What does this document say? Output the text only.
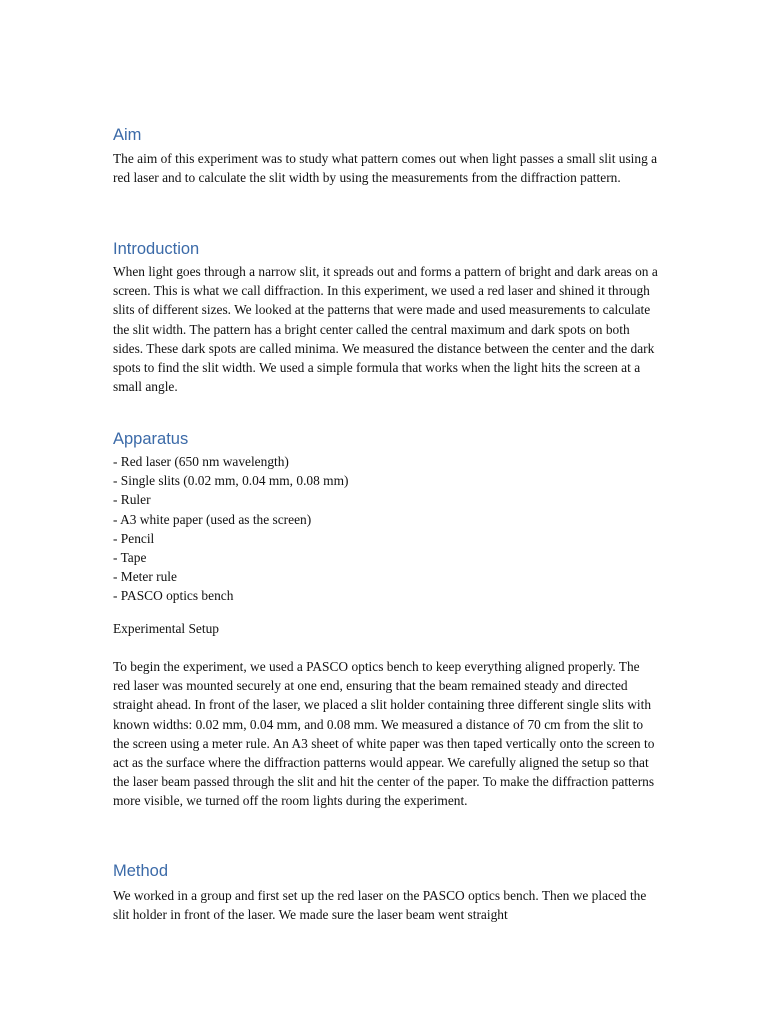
Aim

The aim of this experiment was to study what pattern comes out when light passes a small slit using a red laser and to calculate the slit width by using the measurements from the diffraction pattern.

Introduction

When light goes through a narrow slit, it spreads out and forms a pattern of bright and dark areas on a screen. This is what we call diffraction. In this experiment, we used a red laser and shined it through slits of different sizes. We looked at the patterns that were made and used measurements to calculate the slit width. The pattern has a bright center called the central maximum and dark spots on both sides. These dark spots are called minima. We measured the distance between the center and the dark spots to find the slit width. We used a simple formula that works when the light hits the screen at a small angle.

Apparatus
- Red laser (650 nm wavelength)
- Single slits (0.02 mm, 0.04 mm, 0.08 mm)
- Ruler
- A3 white paper (used as the screen)
- Pencil
- Tape
- Meter rule
- PASCO optics bench

Experimental Setup

To begin the experiment, we used a PASCO optics bench to keep everything aligned properly. The red laser was mounted securely at one end, ensuring that the beam remained steady and directed straight ahead. In front of the laser, we placed a slit holder containing three different single slits with known widths: 0.02 mm, 0.04 mm, and 0.08 mm. We measured a distance of 70 cm from the slit to the screen using a meter rule. An A3 sheet of white paper was then taped vertically onto the screen to act as the surface where the diffraction patterns would appear. We carefully aligned the setup so that the laser beam passed through the slit and hit the center of the paper. To make the diffraction patterns more visible, we turned off the room lights during the experiment.

Method

We worked in a group and first set up the red laser on the PASCO optics bench. Then we placed the slit holder in front of the laser. We made sure the laser beam went straight
